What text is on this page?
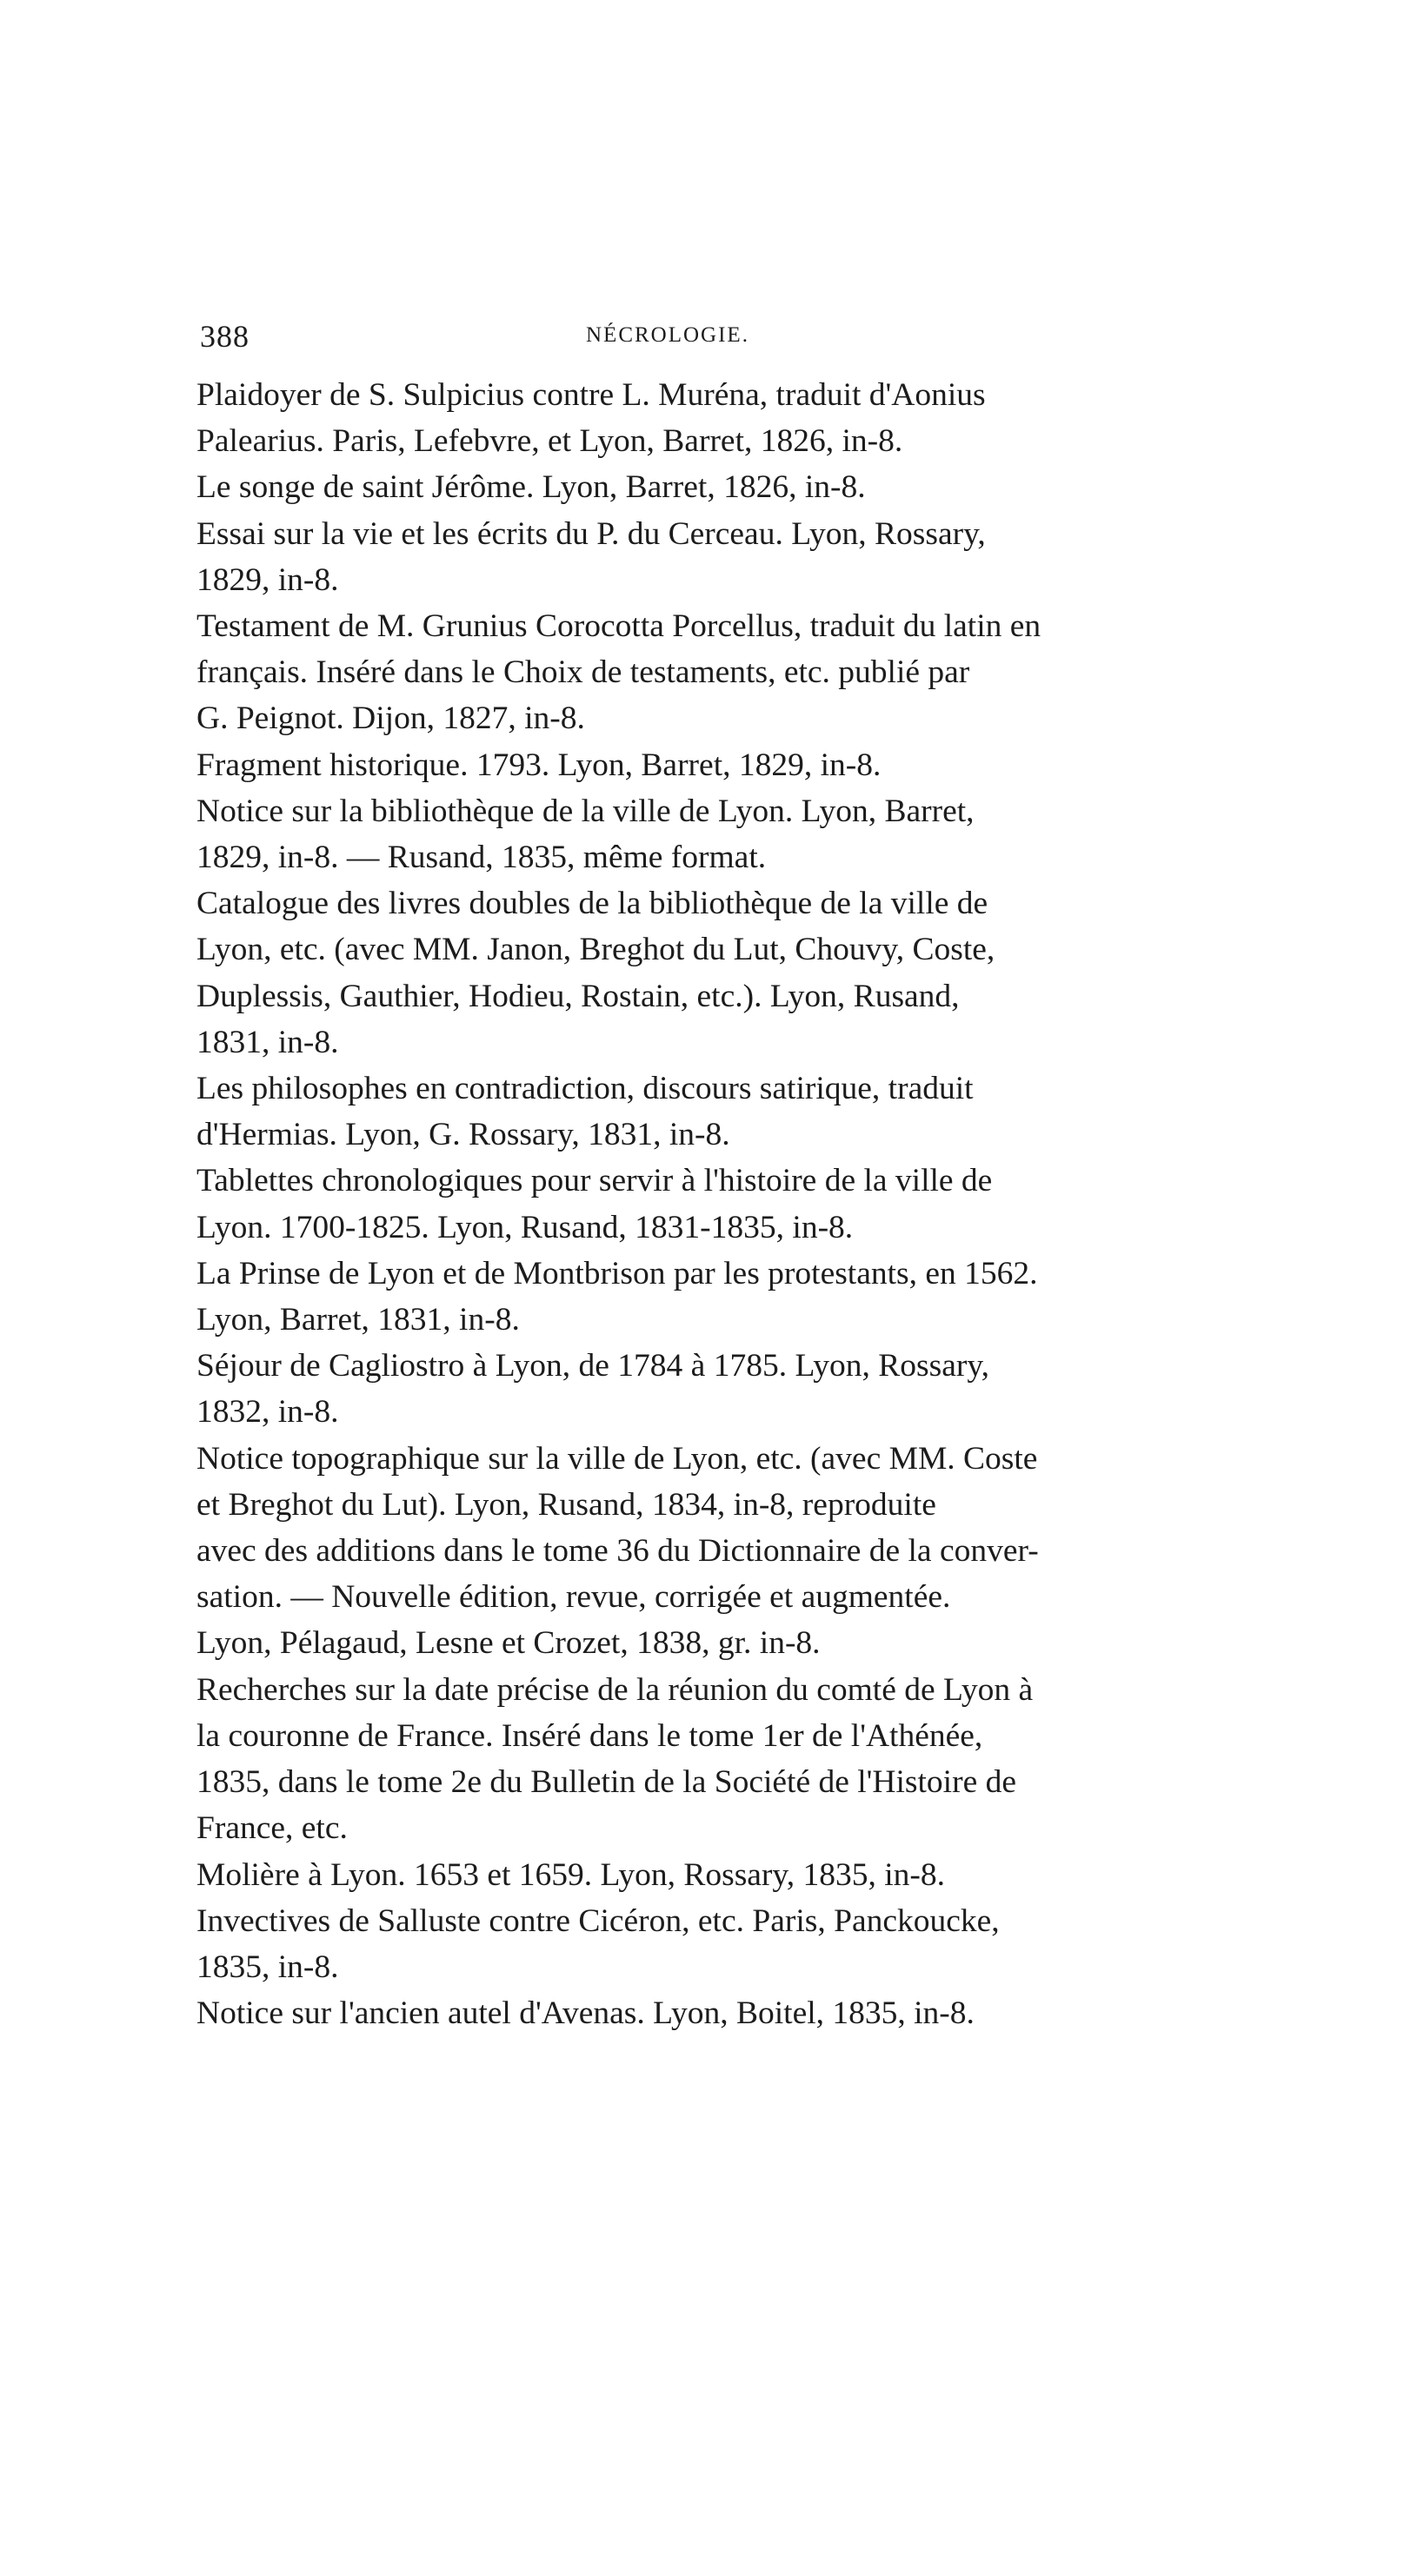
388	NÉCROLOGIE.
Plaidoyer de S. Sulpicius contre L. Muréna, traduit d'Aonius
Palearius. Paris, Lefebvre, et Lyon, Barret, 1826, in-8.
Le songe de saint Jérôme. Lyon, Barret, 1826, in-8.
Essai sur la vie et les écrits du P. du Cerceau. Lyon, Rossary,
1829, in-8.
Testament de M. Grunius Corocotta Porcellus, traduit du latin en
français. Inséré dans le Choix de testaments, etc. publié par
G. Peignot. Dijon, 1827, in-8.
Fragment historique. 1793. Lyon, Barret, 1829, in-8.
Notice sur la bibliothèque de la ville de Lyon. Lyon, Barret,
1829, in-8. — Rusand, 1835, même format.
Catalogue des livres doubles de la bibliothèque de la ville de
Lyon, etc. (avec MM. Janon, Breghot du Lut, Chouvy, Coste,
Duplessis, Gauthier, Hodieu, Rostain, etc.). Lyon, Rusand,
1831, in-8.
Les philosophes en contradiction, discours satirique, traduit
d'Hermias. Lyon, G. Rossary, 1831, in-8.
Tablettes chronologiques pour servir à l'histoire de la ville de
Lyon. 1700-1825. Lyon, Rusand, 1831-1835, in-8.
La Prinse de Lyon et de Montbrison par les protestants, en 1562.
Lyon, Barret, 1831, in-8.
Séjour de Cagliostro à Lyon, de 1784 à 1785. Lyon, Rossary,
1832, in-8.
Notice topographique sur la ville de Lyon, etc. (avec MM. Coste
et Breghot du Lut). Lyon, Rusand, 1834, in-8, reproduite
avec des additions dans le tome 36 du Dictionnaire de la conver-
sation. — Nouvelle édition, revue, corrigée et augmentée.
Lyon, Pélagaud, Lesne et Crozet, 1838, gr. in-8.
Recherches sur la date précise de la réunion du comté de Lyon à
la couronne de France. Inséré dans le tome 1er de l'Athénée,
1835, dans le tome 2e du Bulletin de la Société de l'Histoire de
France, etc.
Molière à Lyon. 1653 et 1659. Lyon, Rossary, 1835, in-8.
Invectives de Salluste contre Cicéron, etc. Paris, Panckoucke,
1835, in-8.
Notice sur l'ancien autel d'Avenas. Lyon, Boitel, 1835, in-8.
